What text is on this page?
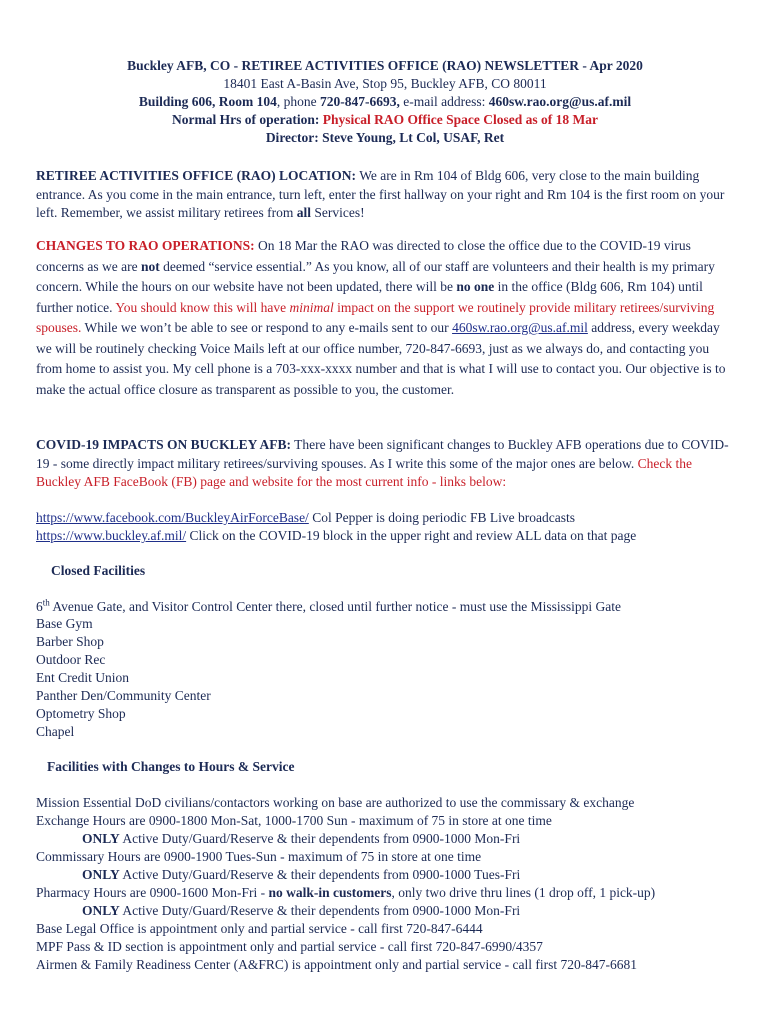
Buckley AFB, CO - RETIREE ACTIVITIES OFFICE (RAO) NEWSLETTER - Apr 2020
18401 East A-Basin Ave, Stop 95, Buckley AFB, CO 80011
Building 606, Room 104, phone 720-847-6693, e-mail address: 460sw.rao.org@us.af.mil
Normal Hrs of operation: Physical RAO Office Space Closed as of 18 Mar
Director: Steve Young, Lt Col, USAF, Ret
RETIREE ACTIVITIES OFFICE (RAO) LOCATION: We are in Rm 104 of Bldg 606, very close to the main building entrance. As you come in the main entrance, turn left, enter the first hallway on your right and Rm 104 is the first room on your left. Remember, we assist military retirees from all Services!
CHANGES TO RAO OPERATIONS: On 18 Mar the RAO was directed to close the office due to the COVID-19 virus concerns as we are not deemed “service essential.” As you know, all of our staff are volunteers and their health is my primary concern. While the hours on our website have not been updated, there will be no one in the office (Bldg 606, Rm 104) until further notice. You should know this will have minimal impact on the support we routinely provide military retirees/surviving spouses. While we won’t be able to see or respond to any e-mails sent to our 460sw.rao.org@us.af.mil address, every weekday we will be routinely checking Voice Mails left at our office number, 720-847-6693, just as we always do, and contacting you from home to assist you. My cell phone is a 703-xxx-xxxx number and that is what I will use to contact you. Our objective is to make the actual office closure as transparent as possible to you, the customer.
COVID-19 IMPACTS ON BUCKLEY AFB: There have been significant changes to Buckley AFB operations due to COVID-19 - some directly impact military retirees/surviving spouses. As I write this some of the major ones are below. Check the Buckley AFB FaceBook (FB) page and website for the most current info - links below:
https://www.facebook.com/BuckleyAirForceBase/ Col Pepper is doing periodic FB Live broadcasts
https://www.buckley.af.mil/ Click on the COVID-19 block in the upper right and review ALL data on that page
Closed Facilities
6th Avenue Gate, and Visitor Control Center there, closed until further notice - must use the Mississippi Gate
Base Gym
Barber Shop
Outdoor Rec
Ent Credit Union
Panther Den/Community Center
Optometry Shop
Chapel
Facilities with Changes to Hours & Service
Mission Essential DoD civilians/contactors working on base are authorized to use the commissary & exchange
Exchange Hours are 0900-1800 Mon-Sat, 1000-1700 Sun - maximum of 75 in store at one time
ONLY Active Duty/Guard/Reserve & their dependents from 0900-1000 Mon-Fri
Commissary Hours are 0900-1900 Tues-Sun - maximum of 75 in store at one time
ONLY Active Duty/Guard/Reserve & their dependents from 0900-1000 Tues-Fri
Pharmacy Hours are 0900-1600 Mon-Fri - no walk-in customers, only two drive thru lines (1 drop off, 1 pick-up)
ONLY Active Duty/Guard/Reserve & their dependents from 0900-1000 Mon-Fri
Base Legal Office is appointment only and partial service - call first 720-847-6444
MPF Pass & ID section is appointment only and partial service - call first 720-847-6990/4357
Airmen & Family Readiness Center (A&FRC) is appointment only and partial service - call first 720-847-6681
